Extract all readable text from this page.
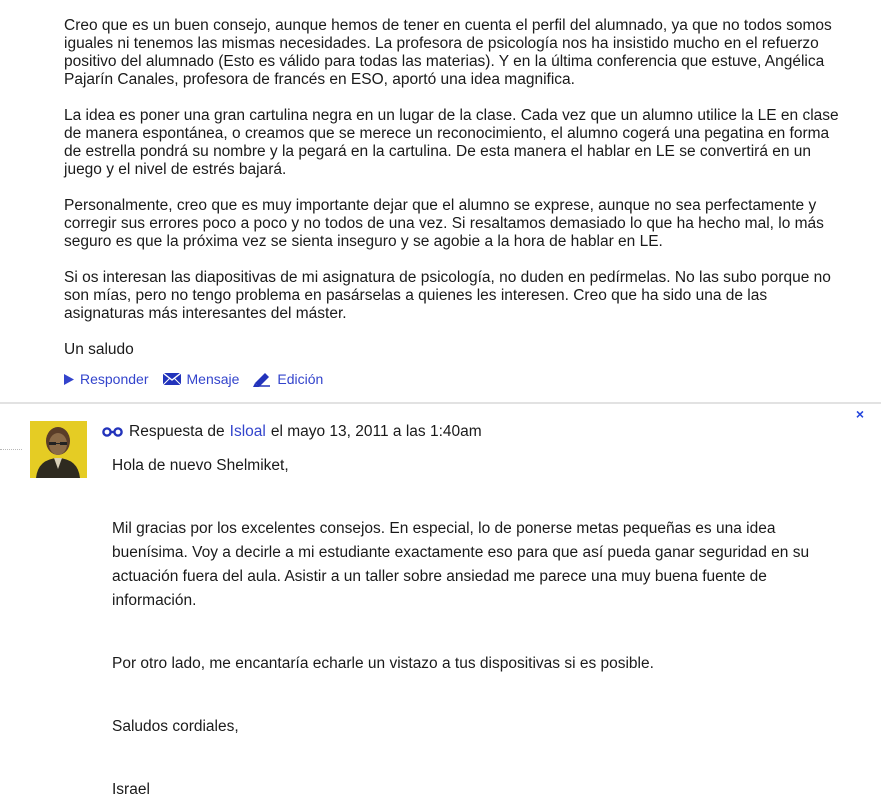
Creo que es un buen consejo, aunque hemos de tener en cuenta el perfil del alumnado, ya que no todos somos iguales ni tenemos las mismas necesidades. La profesora de psicología nos ha insistido mucho en el refuerzo positivo del alumnado (Esto es válido para todas las materias). Y en la última conferencia que estuve, Angélica Pajarín Canales, profesora de francés en ESO, aportó una idea magnifica.

La idea es poner una gran cartulina negra en un lugar de la clase. Cada vez que un alumno utilice la LE en clase de manera espontánea, o creamos que se merece un reconocimiento, el alumno cogerá una pegatina en forma de estrella pondrá su nombre y la pegará en la cartulina. De esta manera el hablar en LE se convertirá en un juego y el nivel de estrés bajará.

Personalmente, creo que es muy importante dejar que el alumno se exprese, aunque no sea perfectamente y corregir sus errores poco a poco y no todos de una vez. Si resaltamos demasiado lo que ha hecho mal, lo más seguro es que la próxima vez se sienta inseguro y se agobie a la hora de hablar en LE.

Si os interesan las diapositivas de mi asignatura de psicología, no duden en pedírmelas. No las subo porque no son mías, pero no tengo problema en pasárselas a quienes les interesen. Creo que ha sido una de las asignaturas más interesantes del máster.

Un saludo

Responder	Mensaje	Edición
×
Respuesta de Isloal el mayo 13, 2011 a las 1:40am

Hola de nuevo Shelmiket,

Mil gracias por los excelentes consejos. En especial, lo de ponerse metas pequeñas es una idea buenísima. Voy a decirle a mi estudiante exactamente eso para que así pueda ganar seguridad en su actuación fuera del aula. Asistir a un taller sobre ansiedad me parece una muy buena fuente de información.

Por otro lado, me encantaría echarle un vistazo a tus dispositivas si es posible.

Saludos cordiales,

Israel
